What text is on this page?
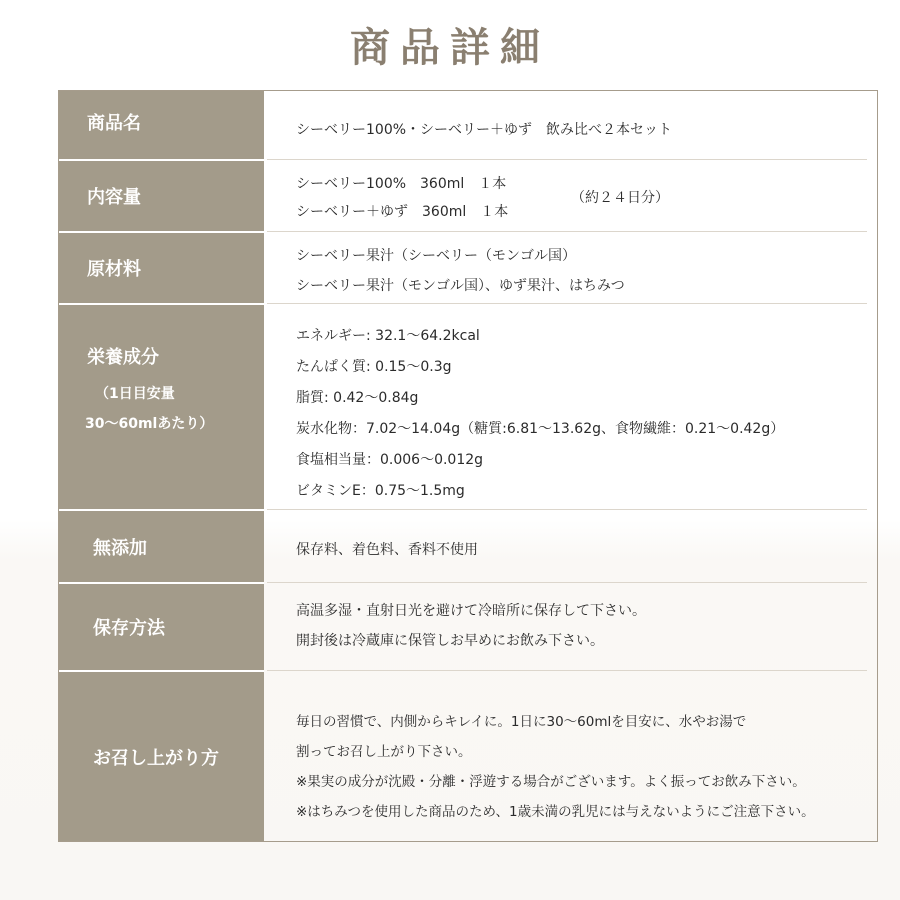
商品詳細
商品名	シーベリー100%・シーベリー＋ゆず　飲み比べ２本セット
内容量
シーベリー100%　360ml　１本
シーベリー＋ゆず　360ml　１本
（約２４日分）
原材料
シーベリー果汁（シーベリー（モンゴル国）
シーベリー果汁（モンゴル国）、ゆず果汁、はちみつ
栄養成分
（1日目安量
30～60mlあたり）
エネルギー: 32.1～64.2kcal
たんぱく質: 0.15～0.3g
脂質: 0.42～0.84g
炭水化物：7.02～14.04g（糖質:6.81～13.62g、食物繊維：0.21～0.42g）
食塩相当量：0.006～0.012g
ビタミンE：0.75～1.5mg
無添加	保存料、着色料、香料不使用
保存方法
高温多湿・直射日光を避けて冷暗所に保存して下さい。
開封後は冷蔵庫に保管しお早めにお飲み下さい。
お召し上がり方
毎日の習慣で、内側からキレイに。1日に30～60mlを目安に、水やお湯で
割ってお召し上がり下さい。
※果実の成分が沈殿・分離・浮遊する場合がございます。よく振ってお飲み下さい。
※はちみつを使用した商品のため、1歳未満の乳児には与えないようにご注意下さい。
